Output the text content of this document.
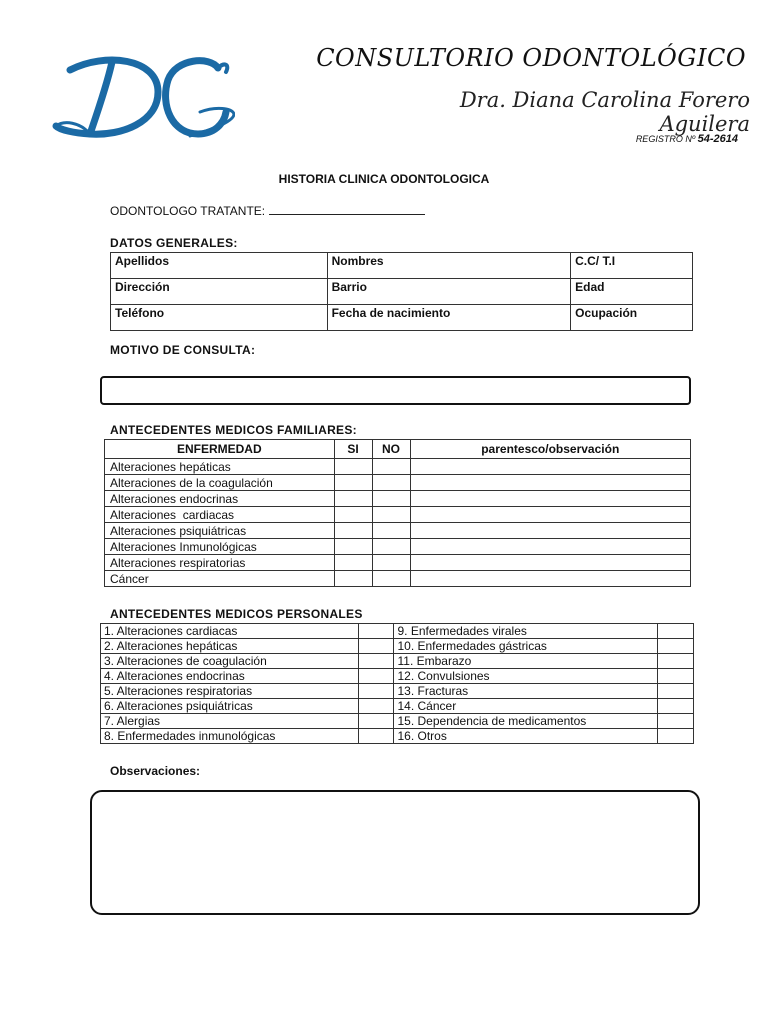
CONSULTORIO ODONTOLÓGICO
Dra. Diana Carolina Forero Aguilera
REGISTRO Nº 54-2614
HISTORIA CLINICA ODONTOLOGICA
ODONTOLOGO TRATANTE:
DATOS GENERALES:
Apellidos	Nombres	C.C/ T.I
Dirección	Barrio	Edad
Teléfono	Fecha de nacimiento	Ocupación
MOTIVO DE CONSULTA:
ANTECEDENTES MEDICOS FAMILIARES:
ENFERMEDAD	SI	NO	parentesco/observación
Alteraciones hepáticas			
Alteraciones de la coagulación			
Alteraciones endocrinas			
Alteraciones  cardiacas			
Alteraciones psiquiátricas			
Alteraciones Inmunológicas			
Alteraciones respiratorias			
Cáncer			
ANTECEDENTES MEDICOS PERSONALES
1. Alteraciones cardiacas		9. Enfermedades virales	
2. Alteraciones hepáticas		10. Enfermedades gástricas	
3. Alteraciones de coagulación		11. Embarazo	
4. Alteraciones endocrinas		12. Convulsiones	
5. Alteraciones respiratorias		13. Fracturas	
6. Alteraciones psiquiátricas		14. Cáncer	
7. Alergias		15. Dependencia de medicamentos	
8. Enfermedades inmunológicas		16. Otros	
Observaciones:
